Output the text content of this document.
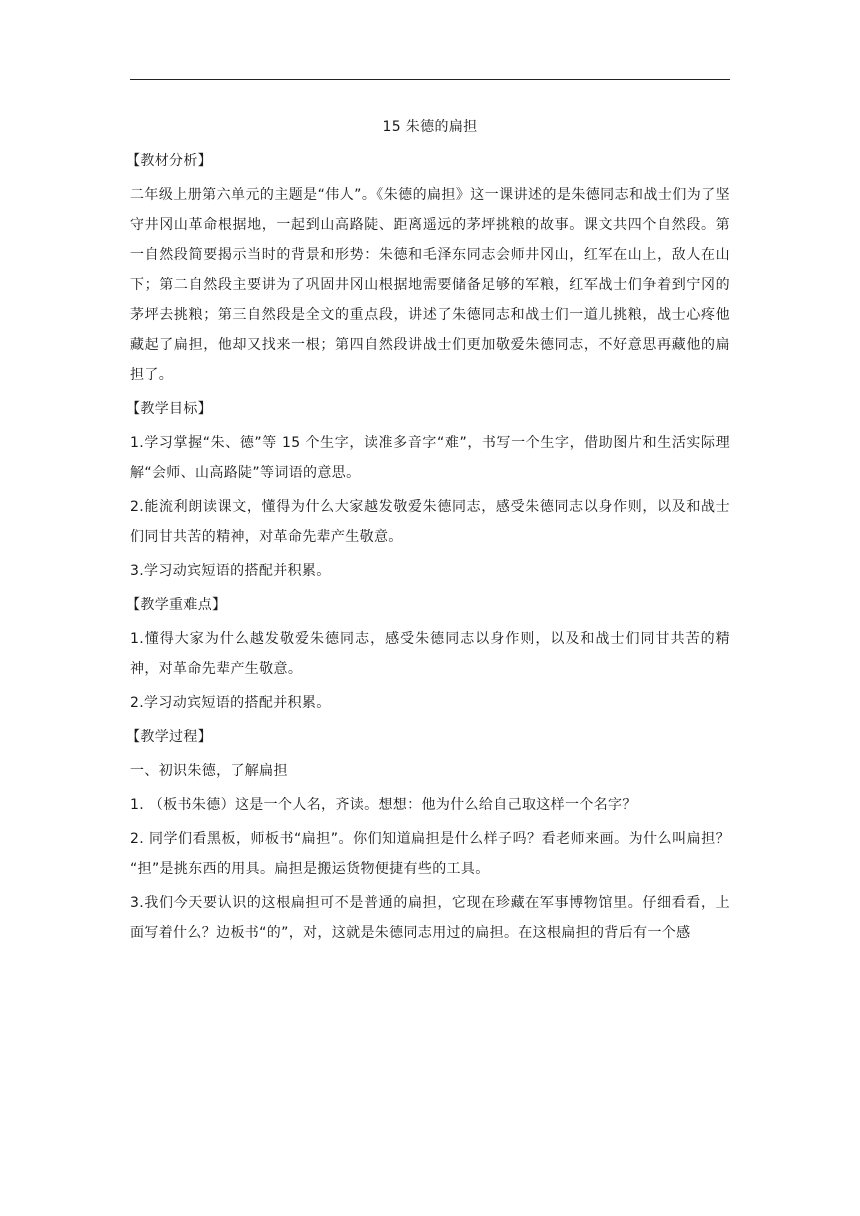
15 朱德的扁担

【教材分析】

二年级上册第六单元的主题是“伟人”。《朱德的扁担》这一课讲述的是朱德同志和战士们为了坚守井冈山革命根据地，一起到山高路陡、距离遥远的茅坪挑粮的故事。课文共四个自然段。第一自然段简要揭示当时的背景和形势：朱德和毛泽东同志会师井冈山，红军在山上，敌人在山下；第二自然段主要讲为了巩固井冈山根据地需要储备足够的军粮，红军战士们争着到宁冈的茅坪去挑粮；第三自然段是全文的重点段，讲述了朱德同志和战士们一道儿挑粮，战士心疼他藏起了扁担，他却又找来一根；第四自然段讲战士们更加敬爱朱德同志，不好意思再藏他的扁担了。

【教学目标】

1.学习掌握“朱、德”等 15 个生字，读准多音字“难”，书写一个生字，借助图片和生活实际理解“会师、山高路陡”等词语的意思。

2.能流利朗读课文，懂得为什么大家越发敬爱朱德同志，感受朱德同志以身作则，以及和战士们同甘共苦的精神，对革命先辈产生敬意。

3.学习动宾短语的搭配并积累。

【教学重难点】

1.懂得大家为什么越发敬爱朱德同志，感受朱德同志以身作则，以及和战士们同甘共苦的精神，对革命先辈产生敬意。

2.学习动宾短语的搭配并积累。

【教学过程】

一、初识朱德，了解扁担

1. （板书朱德）这是一个人名，齐读。想想：他为什么给自己取这样一个名字？

2. 同学们看黑板，师板书“扁担”。你们知道扁担是什么样子吗？看老师来画。为什么叫扁担？ “担”是挑东西的用具。扁担是搬运货物便捷有些的工具。

3.我们今天要认识的这根扁担可不是普通的扁担，它现在珍藏在军事博物馆里。仔细看看，上面写着什么？边板书“的”，对，这就是朱德同志用过的扁担。在这根扁担的背后有一个感
